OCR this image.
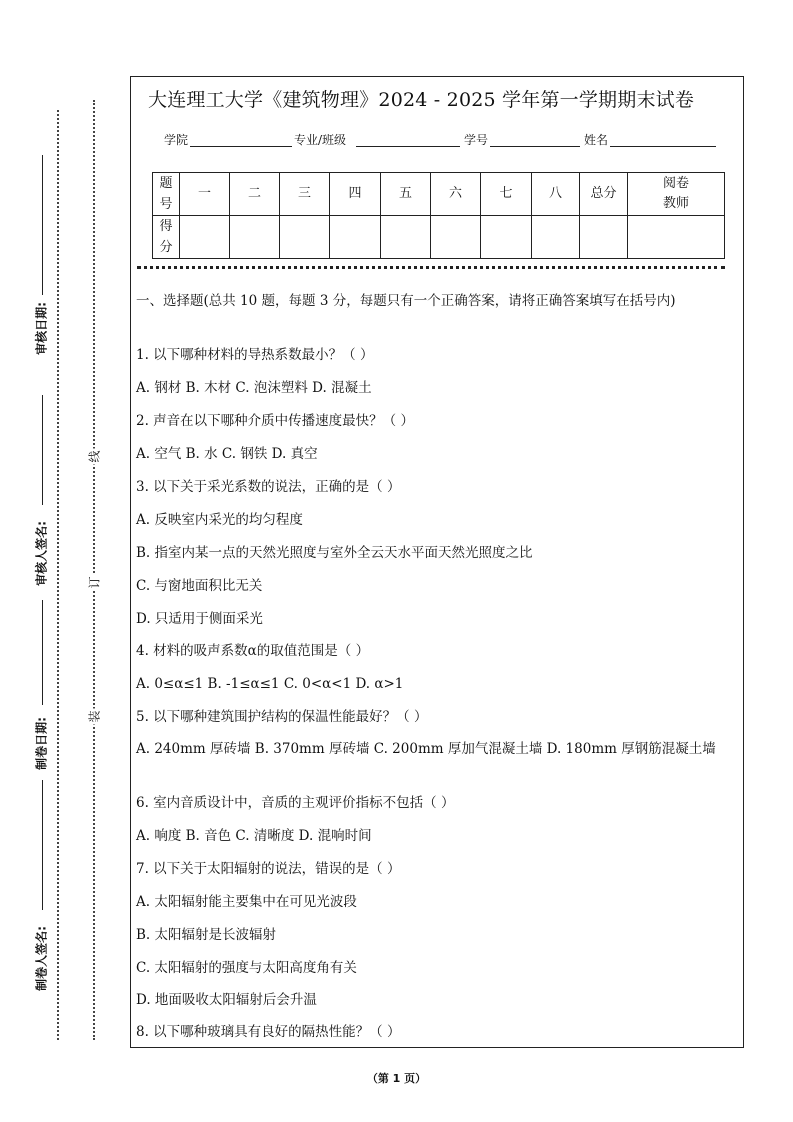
审核日期:
审核人签名:
制卷日期:
制卷人签名:
线
订
装
大连理工大学《建筑物理》2024 - 2025 学年第一学期期末试卷
学院	专业/班级	学号	姓名
题号	一	二	三	四	五	六	七	八	总分	阅卷教师
得分										
一、选择题(总共 10 题，每题 3 分，每题只有一个正确答案，请将正确答案填写在括号内)
1. 以下哪种材料的导热系数最小？（ ）
A. 钢材 B. 木材 C. 泡沫塑料 D. 混凝土
2. 声音在以下哪种介质中传播速度最快？（ ）
A. 空气 B. 水 C. 钢铁 D. 真空
3. 以下关于采光系数的说法，正确的是（ ）
A. 反映室内采光的均匀程度
B. 指室内某一点的天然光照度与室外全云天水平面天然光照度之比
C. 与窗地面积比无关
D. 只适用于侧面采光
4. 材料的吸声系数α的取值范围是（ ）
A. 0≤α≤1 B. -1≤α≤1 C. 0<α<1 D. α>1
5. 以下哪种建筑围护结构的保温性能最好？（ ）
A. 240mm 厚砖墙 B. 370mm 厚砖墙 C. 200mm 厚加气混凝土墙 D. 180mm 厚钢筋混凝土墙
6. 室内音质设计中，音质的主观评价指标不包括（ ）
A. 响度 B. 音色 C. 清晰度 D. 混响时间
7. 以下关于太阳辐射的说法，错误的是（ ）
A. 太阳辐射能主要集中在可见光波段
B. 太阳辐射是长波辐射
C. 太阳辐射的强度与太阳高度角有关
D. 地面吸收太阳辐射后会升温
8. 以下哪种玻璃具有良好的隔热性能？（ ）
（第 1 页）
